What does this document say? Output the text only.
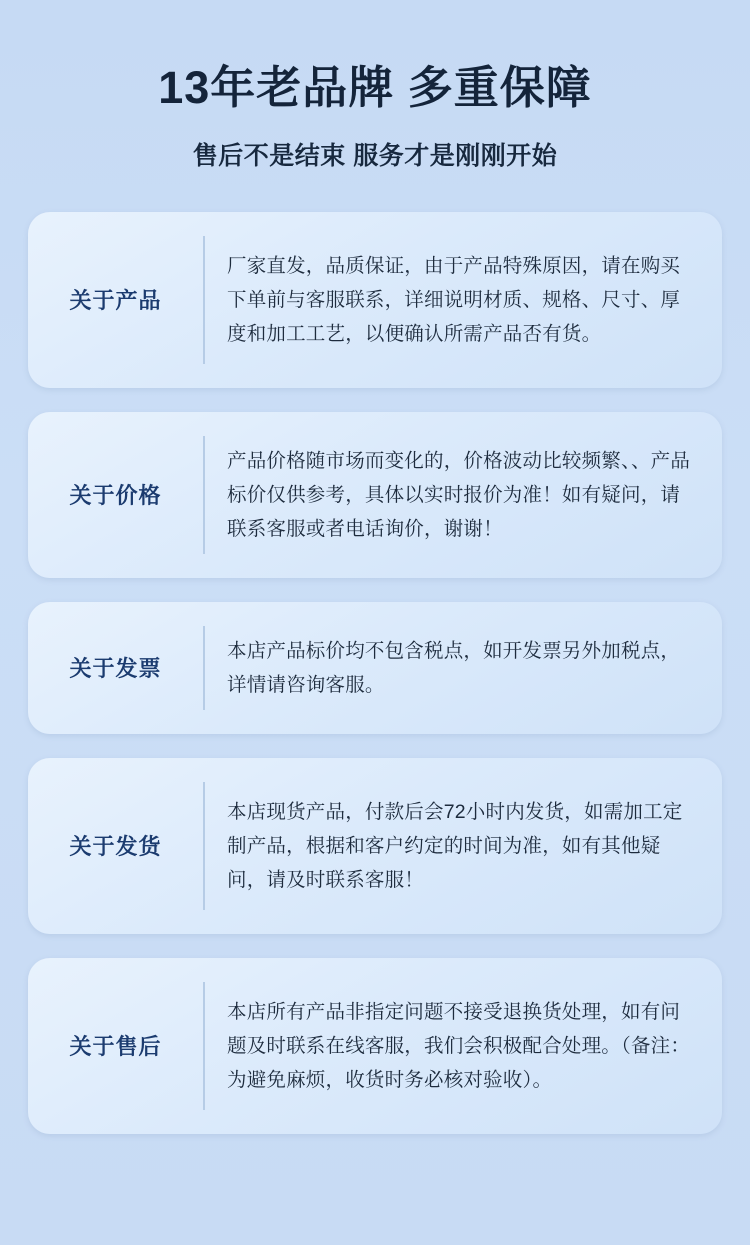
13年老品牌 多重保障

售后不是结束 服务才是刚刚开始

关于产品
厂家直发，品质保证，由于产品特殊原因，请在购买下单前与客服联系，详细说明材质、规格、尺寸、厚度和加工工艺，以便确认所需产品否有货。
关于价格
产品价格随市场而变化的，价格波动比较频繁、、产品标价仅供参考，具体以实时报价为准！如有疑问，请联系客服或者电话询价，谢谢！
关于发票
本店产品标价均不包含税点，如开发票另外加税点，详情请咨询客服。
关于发货
本店现货产品，付款后会72小时内发货，如需加工定制产品，根据和客户约定的时间为准，如有其他疑问，请及时联系客服！
关于售后
本店所有产品非指定问题不接受退换货处理，如有问题及时联系在线客服，我们会积极配合处理。（备注：为避免麻烦，收货时务必核对验收）。
